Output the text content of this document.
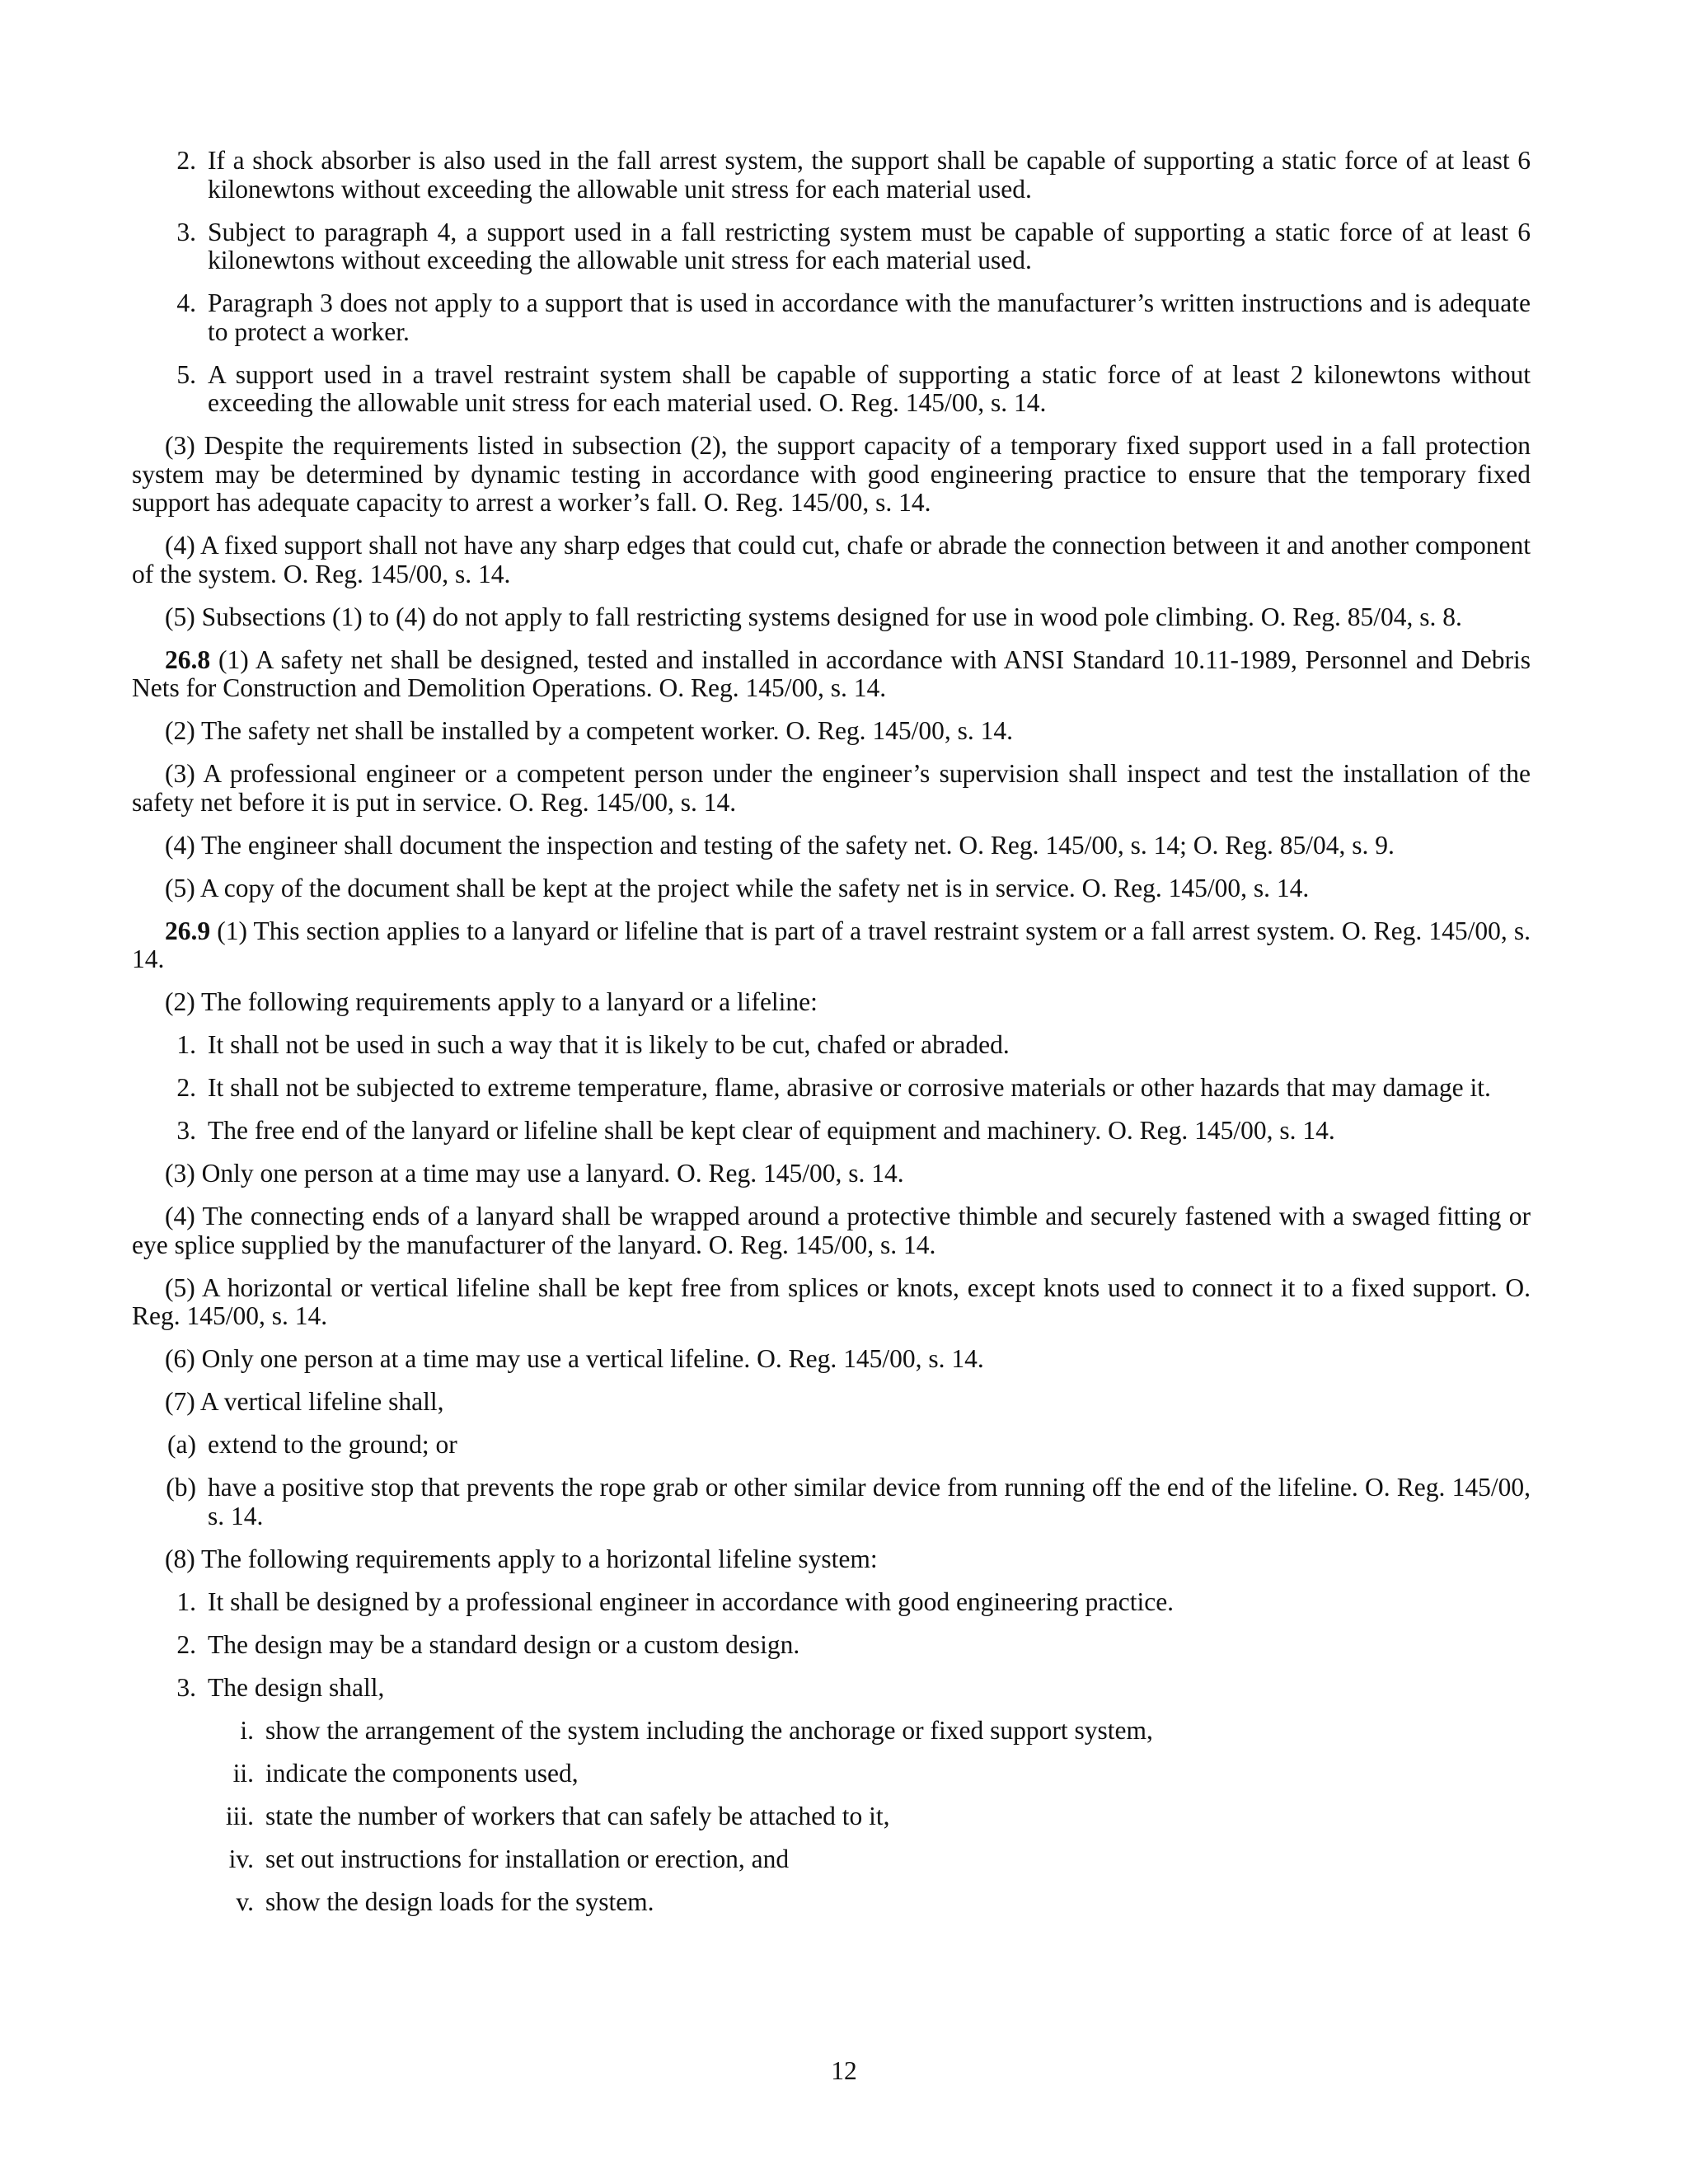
2. If a shock absorber is also used in the fall arrest system, the support shall be capable of supporting a static force of at least 6 kilonewtons without exceeding the allowable unit stress for each material used.
3. Subject to paragraph 4, a support used in a fall restricting system must be capable of supporting a static force of at least 6 kilonewtons without exceeding the allowable unit stress for each material used.
4. Paragraph 3 does not apply to a support that is used in accordance with the manufacturer’s written instructions and is adequate to protect a worker.
5. A support used in a travel restraint system shall be capable of supporting a static force of at least 2 kilonewtons without exceeding the allowable unit stress for each material used. O. Reg. 145/00, s. 14.

(3) Despite the requirements listed in subsection (2), the support capacity of a temporary fixed support used in a fall protection system may be determined by dynamic testing in accordance with good engineering practice to ensure that the temporary fixed support has adequate capacity to arrest a worker’s fall. O. Reg. 145/00, s. 14.

(4) A fixed support shall not have any sharp edges that could cut, chafe or abrade the connection between it and another component of the system. O. Reg. 145/00, s. 14.

(5) Subsections (1) to (4) do not apply to fall restricting systems designed for use in wood pole climbing. O. Reg. 85/04, s. 8.

26.8 (1) A safety net shall be designed, tested and installed in accordance with ANSI Standard 10.11-1989, Personnel and Debris Nets for Construction and Demolition Operations. O. Reg. 145/00, s. 14.

(2) The safety net shall be installed by a competent worker. O. Reg. 145/00, s. 14.

(3) A professional engineer or a competent person under the engineer’s supervision shall inspect and test the installation of the safety net before it is put in service. O. Reg. 145/00, s. 14.

(4) The engineer shall document the inspection and testing of the safety net. O. Reg. 145/00, s. 14; O. Reg. 85/04, s. 9.

(5) A copy of the document shall be kept at the project while the safety net is in service. O. Reg. 145/00, s. 14.

26.9 (1) This section applies to a lanyard or lifeline that is part of a travel restraint system or a fall arrest system. O. Reg. 145/00, s. 14.

(2) The following requirements apply to a lanyard or a lifeline:

1. It shall not be used in such a way that it is likely to be cut, chafed or abraded.
2. It shall not be subjected to extreme temperature, flame, abrasive or corrosive materials or other hazards that may damage it.
3. The free end of the lanyard or lifeline shall be kept clear of equipment and machinery. O. Reg. 145/00, s. 14.

(3) Only one person at a time may use a lanyard. O. Reg. 145/00, s. 14.

(4) The connecting ends of a lanyard shall be wrapped around a protective thimble and securely fastened with a swaged fitting or eye splice supplied by the manufacturer of the lanyard. O. Reg. 145/00, s. 14.

(5) A horizontal or vertical lifeline shall be kept free from splices or knots, except knots used to connect it to a fixed support. O. Reg. 145/00, s. 14.

(6) Only one person at a time may use a vertical lifeline. O. Reg. 145/00, s. 14.

(7) A vertical lifeline shall,

(a) extend to the ground; or
(b) have a positive stop that prevents the rope grab or other similar device from running off the end of the lifeline. O. Reg. 145/00, s. 14.

(8) The following requirements apply to a horizontal lifeline system:

1. It shall be designed by a professional engineer in accordance with good engineering practice.
2. The design may be a standard design or a custom design.
3. The design shall,
i. show the arrangement of the system including the anchorage or fixed support system,
ii. indicate the components used,
iii. state the number of workers that can safely be attached to it,
iv. set out instructions for installation or erection, and
v. show the design loads for the system.
12
